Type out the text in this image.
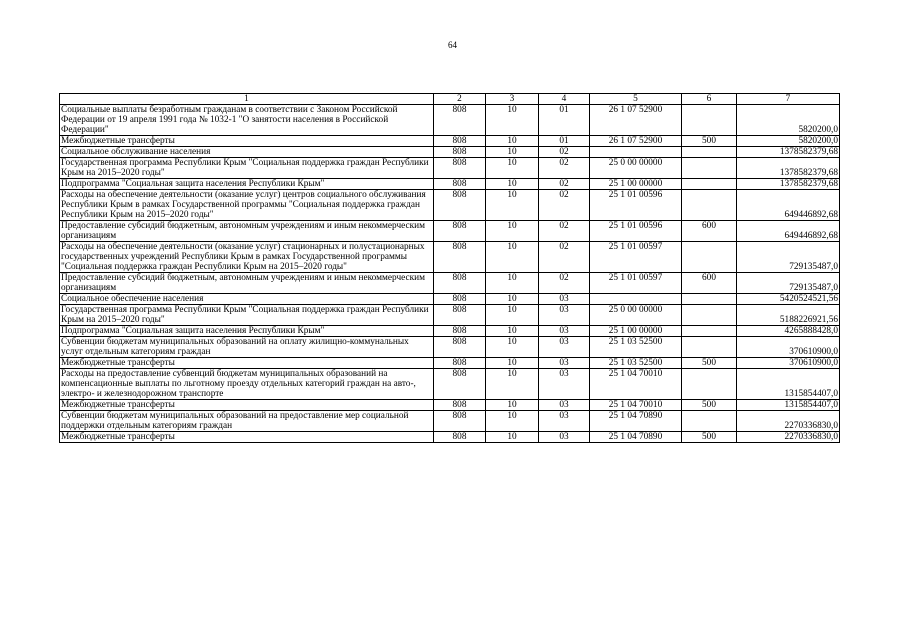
64
1	2	3	4	5	6	7
Социальные выплаты безработным гражданам в соответствии с Законом Российской Федерации от 19 апреля 1991 года № 1032-1 "О занятости населения в Российской Федерации"	808	10	01	26 1 07 52900		5820200,0
Межбюджетные трансферты	808	10	01	26 1 07 52900	500	5820200,0
Социальное обслуживание населения	808	10	02			1378582379,68
Государственная программа Республики Крым "Социальная поддержка граждан Республики Крым на 2015–2020 годы"	808	10	02	25 0 00 00000		1378582379,68
Подпрограмма "Социальная защита населения Республики Крым"	808	10	02	25 1 00 00000		1378582379,68
Расходы на обеспечение деятельности (оказание услуг) центров социального обслуживания Республики Крым в рамках Государственной программы "Социальная поддержка граждан Республики Крым на 2015–2020 годы"	808	10	02	25 1 01 00596		649446892,68
Предоставление субсидий бюджетным, автономным учреждениям и иным некоммерческим организациям	808	10	02	25 1 01 00596	600	649446892,68
Расходы на обеспечение деятельности (оказание услуг) стационарных и полустационарных государственных учреждений Республики Крым в рамках Государственной программы "Социальная поддержка граждан Республики Крым на 2015–2020 годы"	808	10	02	25 1 01 00597		729135487,0
Предоставление субсидий бюджетным, автономным учреждениям и иным некоммерческим организациям	808	10	02	25 1 01 00597	600	729135487,0
Социальное обеспечение населения	808	10	03			5420524521,56
Государственная программа Республики Крым "Социальная поддержка граждан Республики Крым на 2015–2020 годы"	808	10	03	25 0 00 00000		5188226921,56
Подпрограмма "Социальная защита населения Республики Крым"	808	10	03	25 1 00 00000		4265888428,0
Субвенции бюджетам муниципальных образований на оплату жилищно-коммунальных услуг отдельным категориям граждан	808	10	03	25 1 03 52500		370610900,0
Межбюджетные трансферты	808	10	03	25 1 03 52500	500	370610900,0
Расходы на предоставление субвенций бюджетам муниципальных образований на компенсационные выплаты по льготному проезду отдельных категорий граждан на авто-, электро- и железнодорожном транспорте	808	10	03	25 1 04 70010		1315854407,0
Межбюджетные трансферты	808	10	03	25 1 04 70010	500	1315854407,0
Субвенции бюджетам муниципальных образований на предоставление мер социальной поддержки отдельным категориям граждан	808	10	03	25 1 04 70890		2270336830,0
Межбюджетные трансферты	808	10	03	25 1 04 70890	500	2270336830,0
